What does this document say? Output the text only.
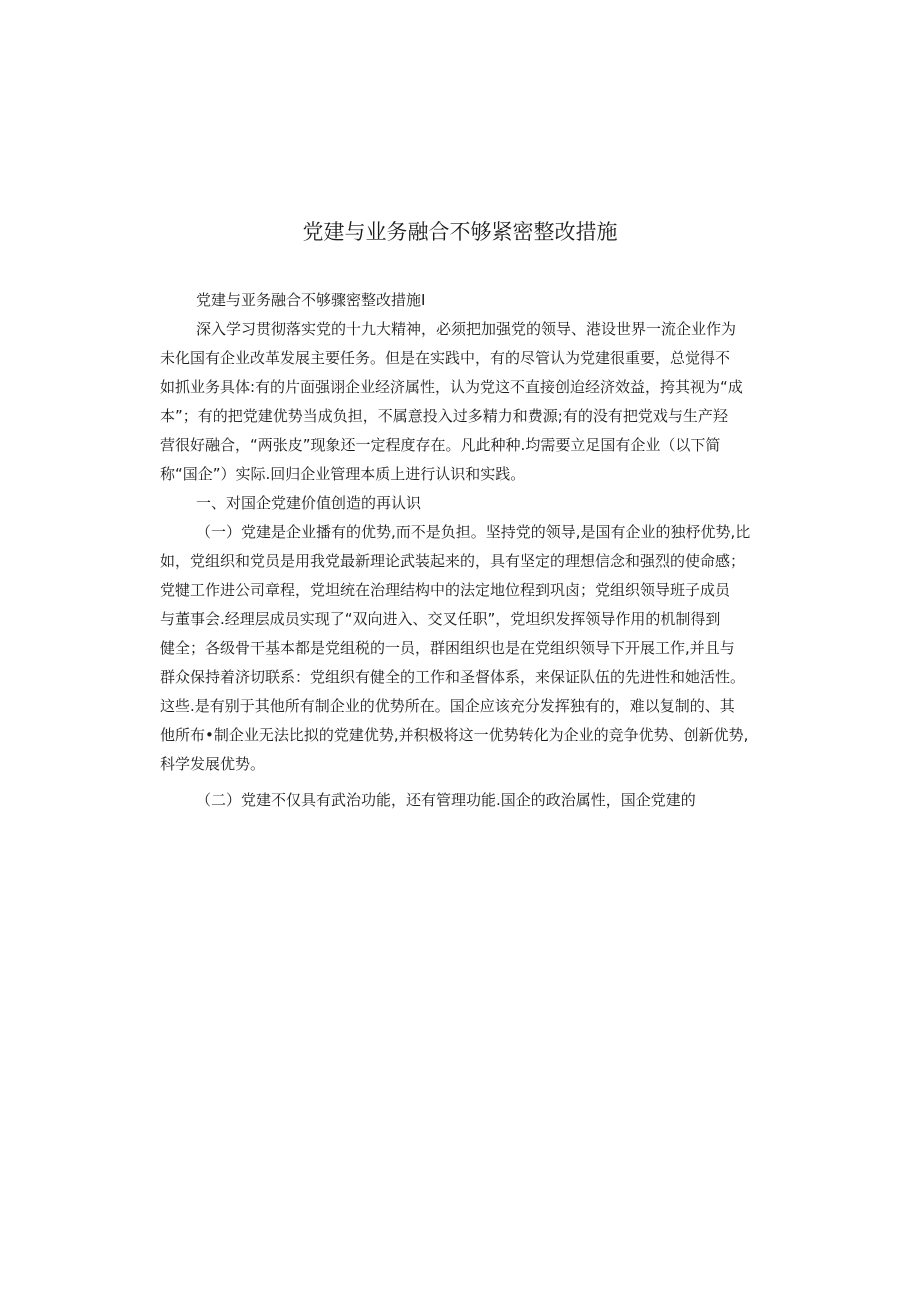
党建与业务融合不够紧密整改措施
党建与亚务融合不够骤密整改措施I
深入学习贯彻落实党的十九大精神，必须把加强党的领导、港设世界一流企业作为
未化国有企业改革发展主要任务。但是在实践中，有的尽管认为党建很重要，总觉得不
如抓业务具体:有的片面强诩企业经济属性，认为党这不直接创迨经济效益，挎其视为“成
本”；有的把党建优势当成负担，不属意投入过多精力和费源;有的没有把党戏与生产羟
营很好融合，“两张皮”现象还一定程度存在。凡此种种.均需要立足国有企业（以下简
称“国企”）实际.回归企业管理本质上进行认识和实践。
一、对国企党建价值创造的再认识
（一）党建是企业播有的优势,而不是负担。坚持党的领导,是国有企业的独杼优势,比
如，党组织和党员是用我党最新理论武装起来的，具有坚定的理想信念和强烈的使命感；
党犍工作进公司章程，党坦统在治理结构中的法定地位程到巩卤；党组织领导班子成员
与董事会.经理层成员实现了“双向进入、交叉任职”，党坦织发挥领导作用的机制得到
健全；各级骨干基本都是党组税的一员，群困组织也是在党组织领导下开展工作,并且与
群众保持着济切联系：党组织有健全的工作和圣督体系，来保证队伍的先进性和她活性。
这些.是有别于其他所有制企业的优势所在。国企应该充分发挥独有的，难以复制的、其
他所布•制企业无法比拟的党建优势,并积极将这一优势转化为企业的竞争优势、创新优势,
科学发展优势。
（二）党建不仅具有武治功能，还有管理功能.国企的政治属性，国企党建的
